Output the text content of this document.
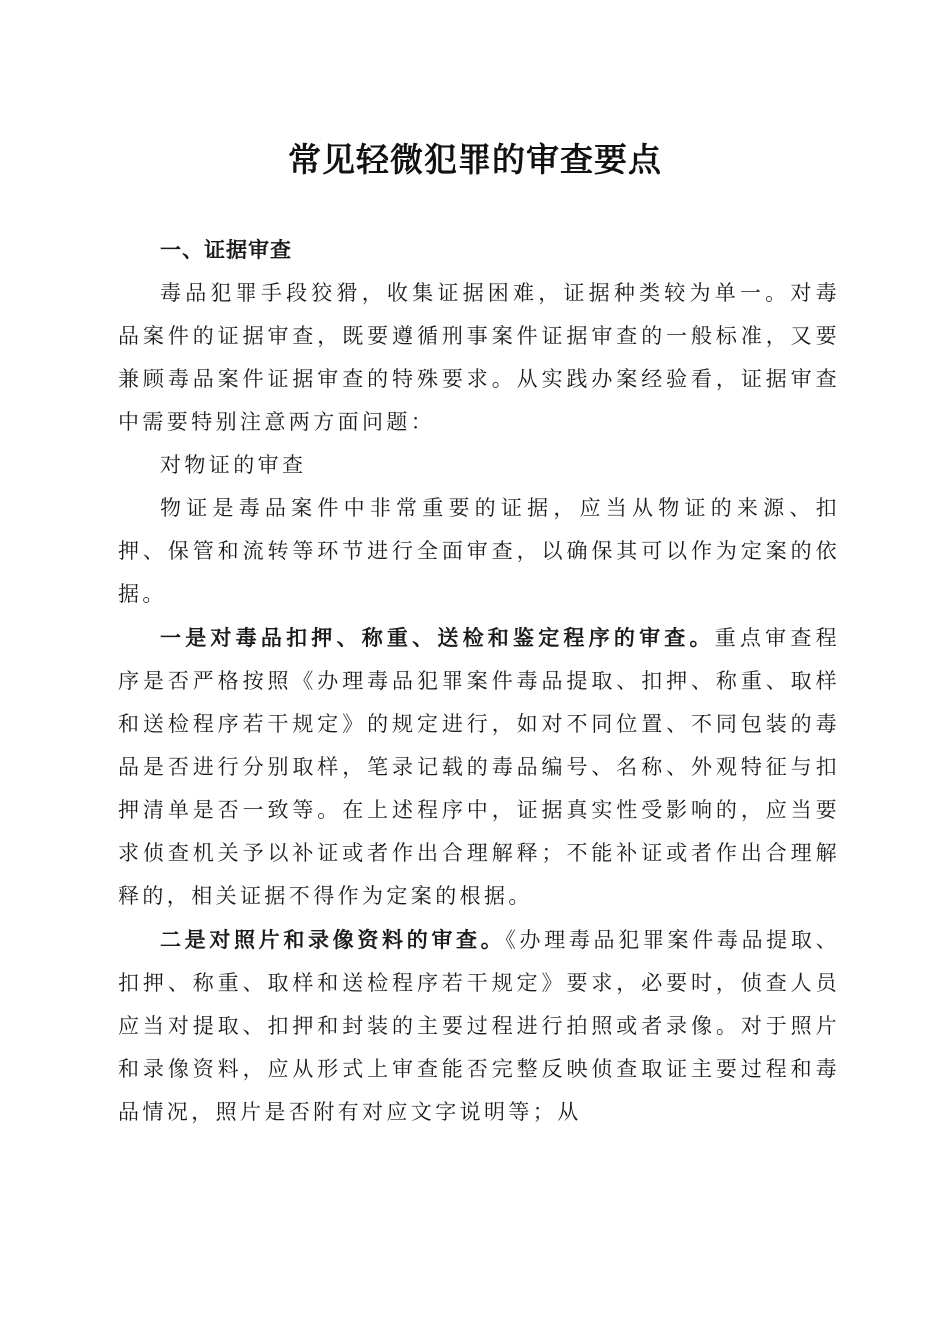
常见轻微犯罪的审查要点

一、证据审查

毒品犯罪手段狡猾，收集证据困难，证据种类较为单一。对毒品案件的证据审查，既要遵循刑事案件证据审查的一般标准，又要兼顾毒品案件证据审查的特殊要求。从实践办案经验看，证据审查中需要特别注意两方面问题：

对物证的审查

物证是毒品案件中非常重要的证据，应当从物证的来源、扣押、保管和流转等环节进行全面审查，以确保其可以作为定案的依据。

一是对毒品扣押、称重、送检和鉴定程序的审查。重点审查程序是否严格按照《办理毒品犯罪案件毒品提取、扣押、称重、取样和送检程序若干规定》的规定进行，如对不同位置、不同包装的毒品是否进行分别取样，笔录记载的毒品编号、名称、外观特征与扣押清单是否一致等。在上述程序中，证据真实性受影响的，应当要求侦查机关予以补证或者作出合理解释；不能补证或者作出合理解释的，相关证据不得作为定案的根据。

二是对照片和录像资料的审查。《办理毒品犯罪案件毒品提取、扣押、称重、取样和送检程序若干规定》要求，必要时，侦查人员应当对提取、扣押和封装的主要过程进行拍照或者录像。对于照片和录像资料，应从形式上审查能否完整反映侦查取证主要过程和毒品情况，照片是否附有对应文字说明等；从
